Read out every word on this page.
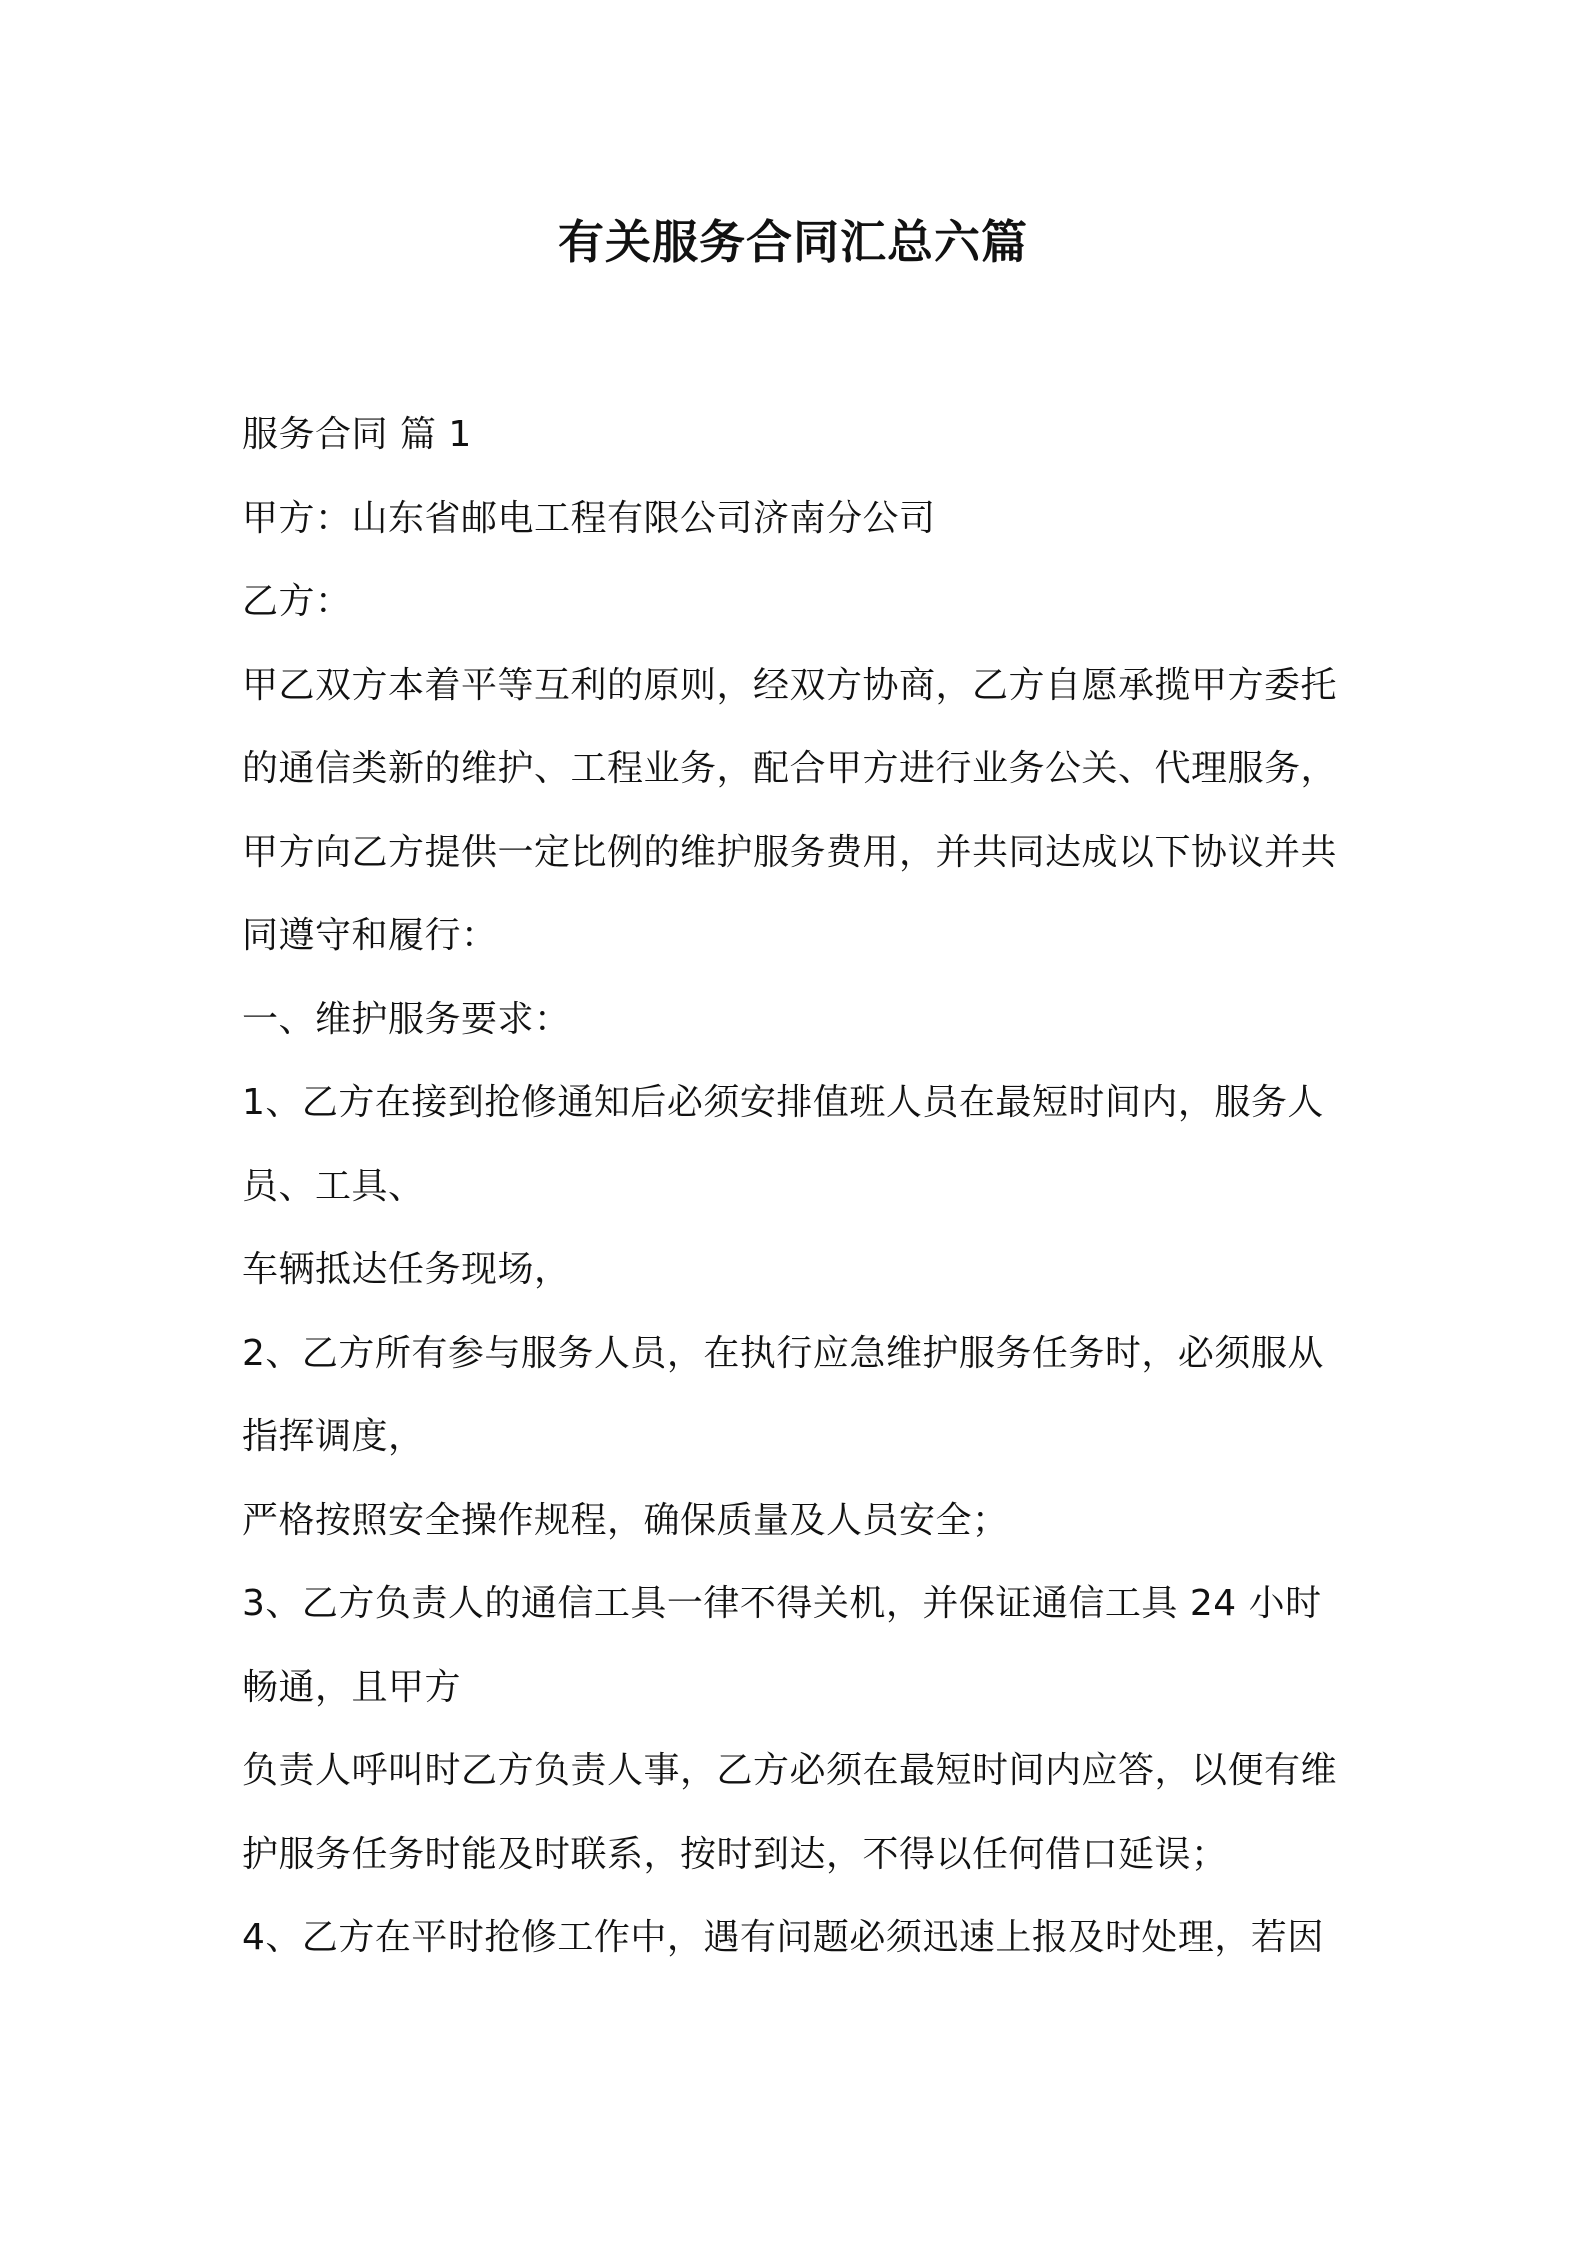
有关服务合同汇总六篇
服务合同 篇 1
甲方：山东省邮电工程有限公司济南分公司
乙方：
甲乙双方本着平等互利的原则，经双方协商，乙方自愿承揽甲方委托
的通信类新的维护、工程业务，配合甲方进行业务公关、代理服务，
甲方向乙方提供一定比例的维护服务费用，并共同达成以下协议并共
同遵守和履行：
一、维护服务要求：
1、乙方在接到抢修通知后必须安排值班人员在最短时间内，服务人
员、工具、
车辆抵达任务现场，
2、乙方所有参与服务人员，在执行应急维护服务任务时，必须服从
指挥调度，
严格按照安全操作规程，确保质量及人员安全；
3、乙方负责人的通信工具一律不得关机，并保证通信工具 24 小时
畅通，且甲方
负责人呼叫时乙方负责人事，乙方必须在最短时间内应答，以便有维
护服务任务时能及时联系，按时到达，不得以任何借口延误；
4、乙方在平时抢修工作中，遇有问题必须迅速上报及时处理，若因
